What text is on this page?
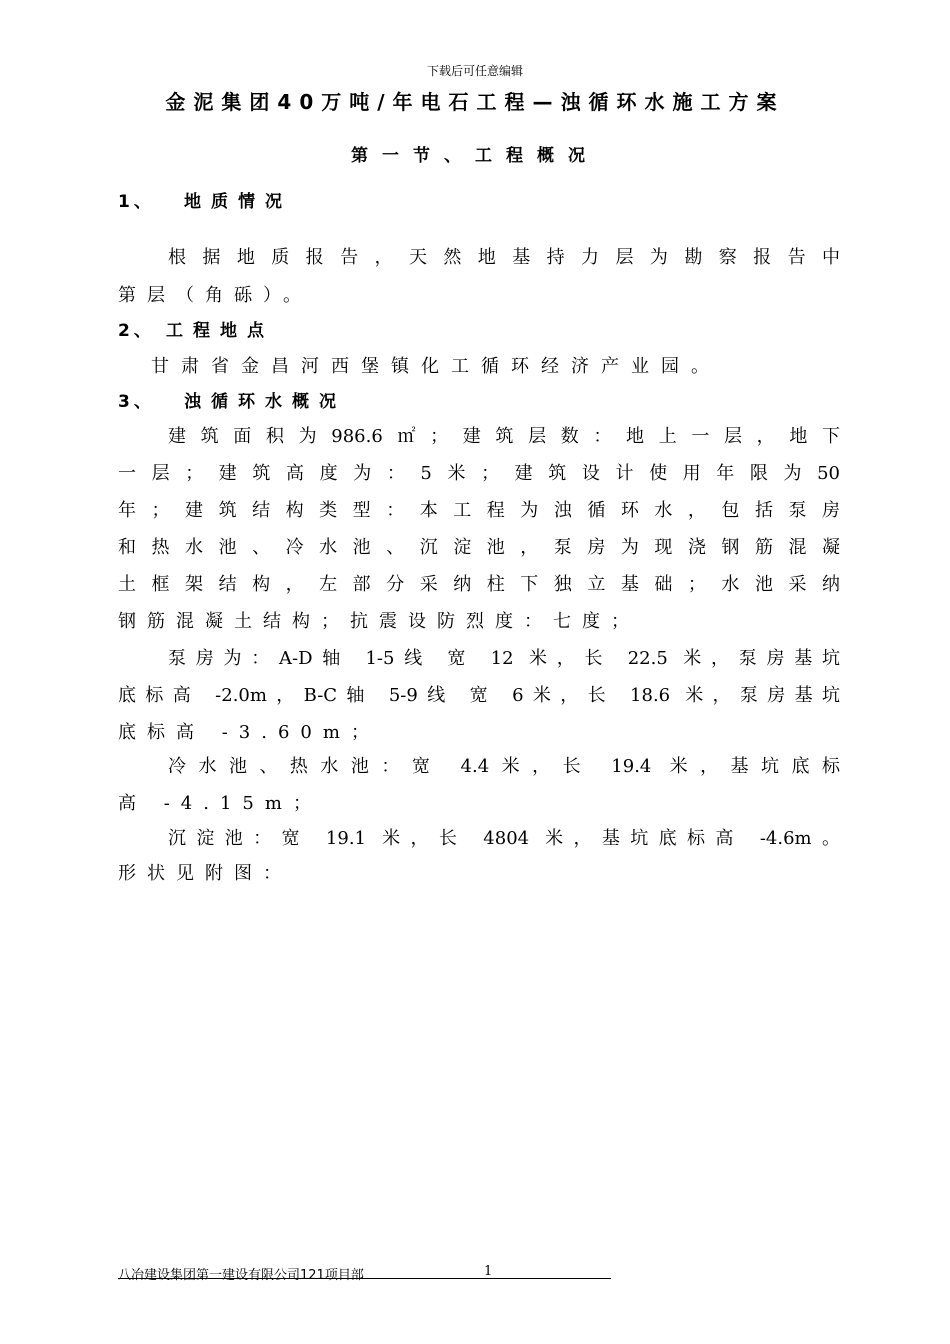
下载后可任意编辑
金泥集团40万吨/年电石工程—浊循环水施工方案
第一节、工程概况
1、 地质情况
根据地质报告，天然地基持力层为勘察报告中
第层（角砾）。
2、 工程地点
甘肃省金昌河西堡镇化工循环经济产业园。
3、 浊循环水概况
建筑面积为986.6㎡；建筑层数：地上一层，地下
一层；建筑高度为：5米；建筑设计使用年限为50
年；建筑结构类型：本工程为浊循环水，包括泵房
和热水池、冷水池、沉淀池，泵房为现浇钢筋混凝
土框架结构，左部分采纳柱下独立基础；水池采纳
钢筋混凝土结构；抗震设防烈度：七度；
泵房为：A-D轴 1-5线 宽 12 米，长 22.5 米，泵房基坑
底标高 -2.0m，B-C轴 5-9线 宽 6米，长 18.6 米，泵房基坑
底标高 -3.60m；
冷水池、热水池：宽 4.4米，长 19.4 米，基坑底标
高 -4.15m；
沉淀池：宽 19.1 米，长 4804 米，基坑底标高 -4.6m。
形状见附图：
八冶建设集团第一建设有限公司121项目部	1
